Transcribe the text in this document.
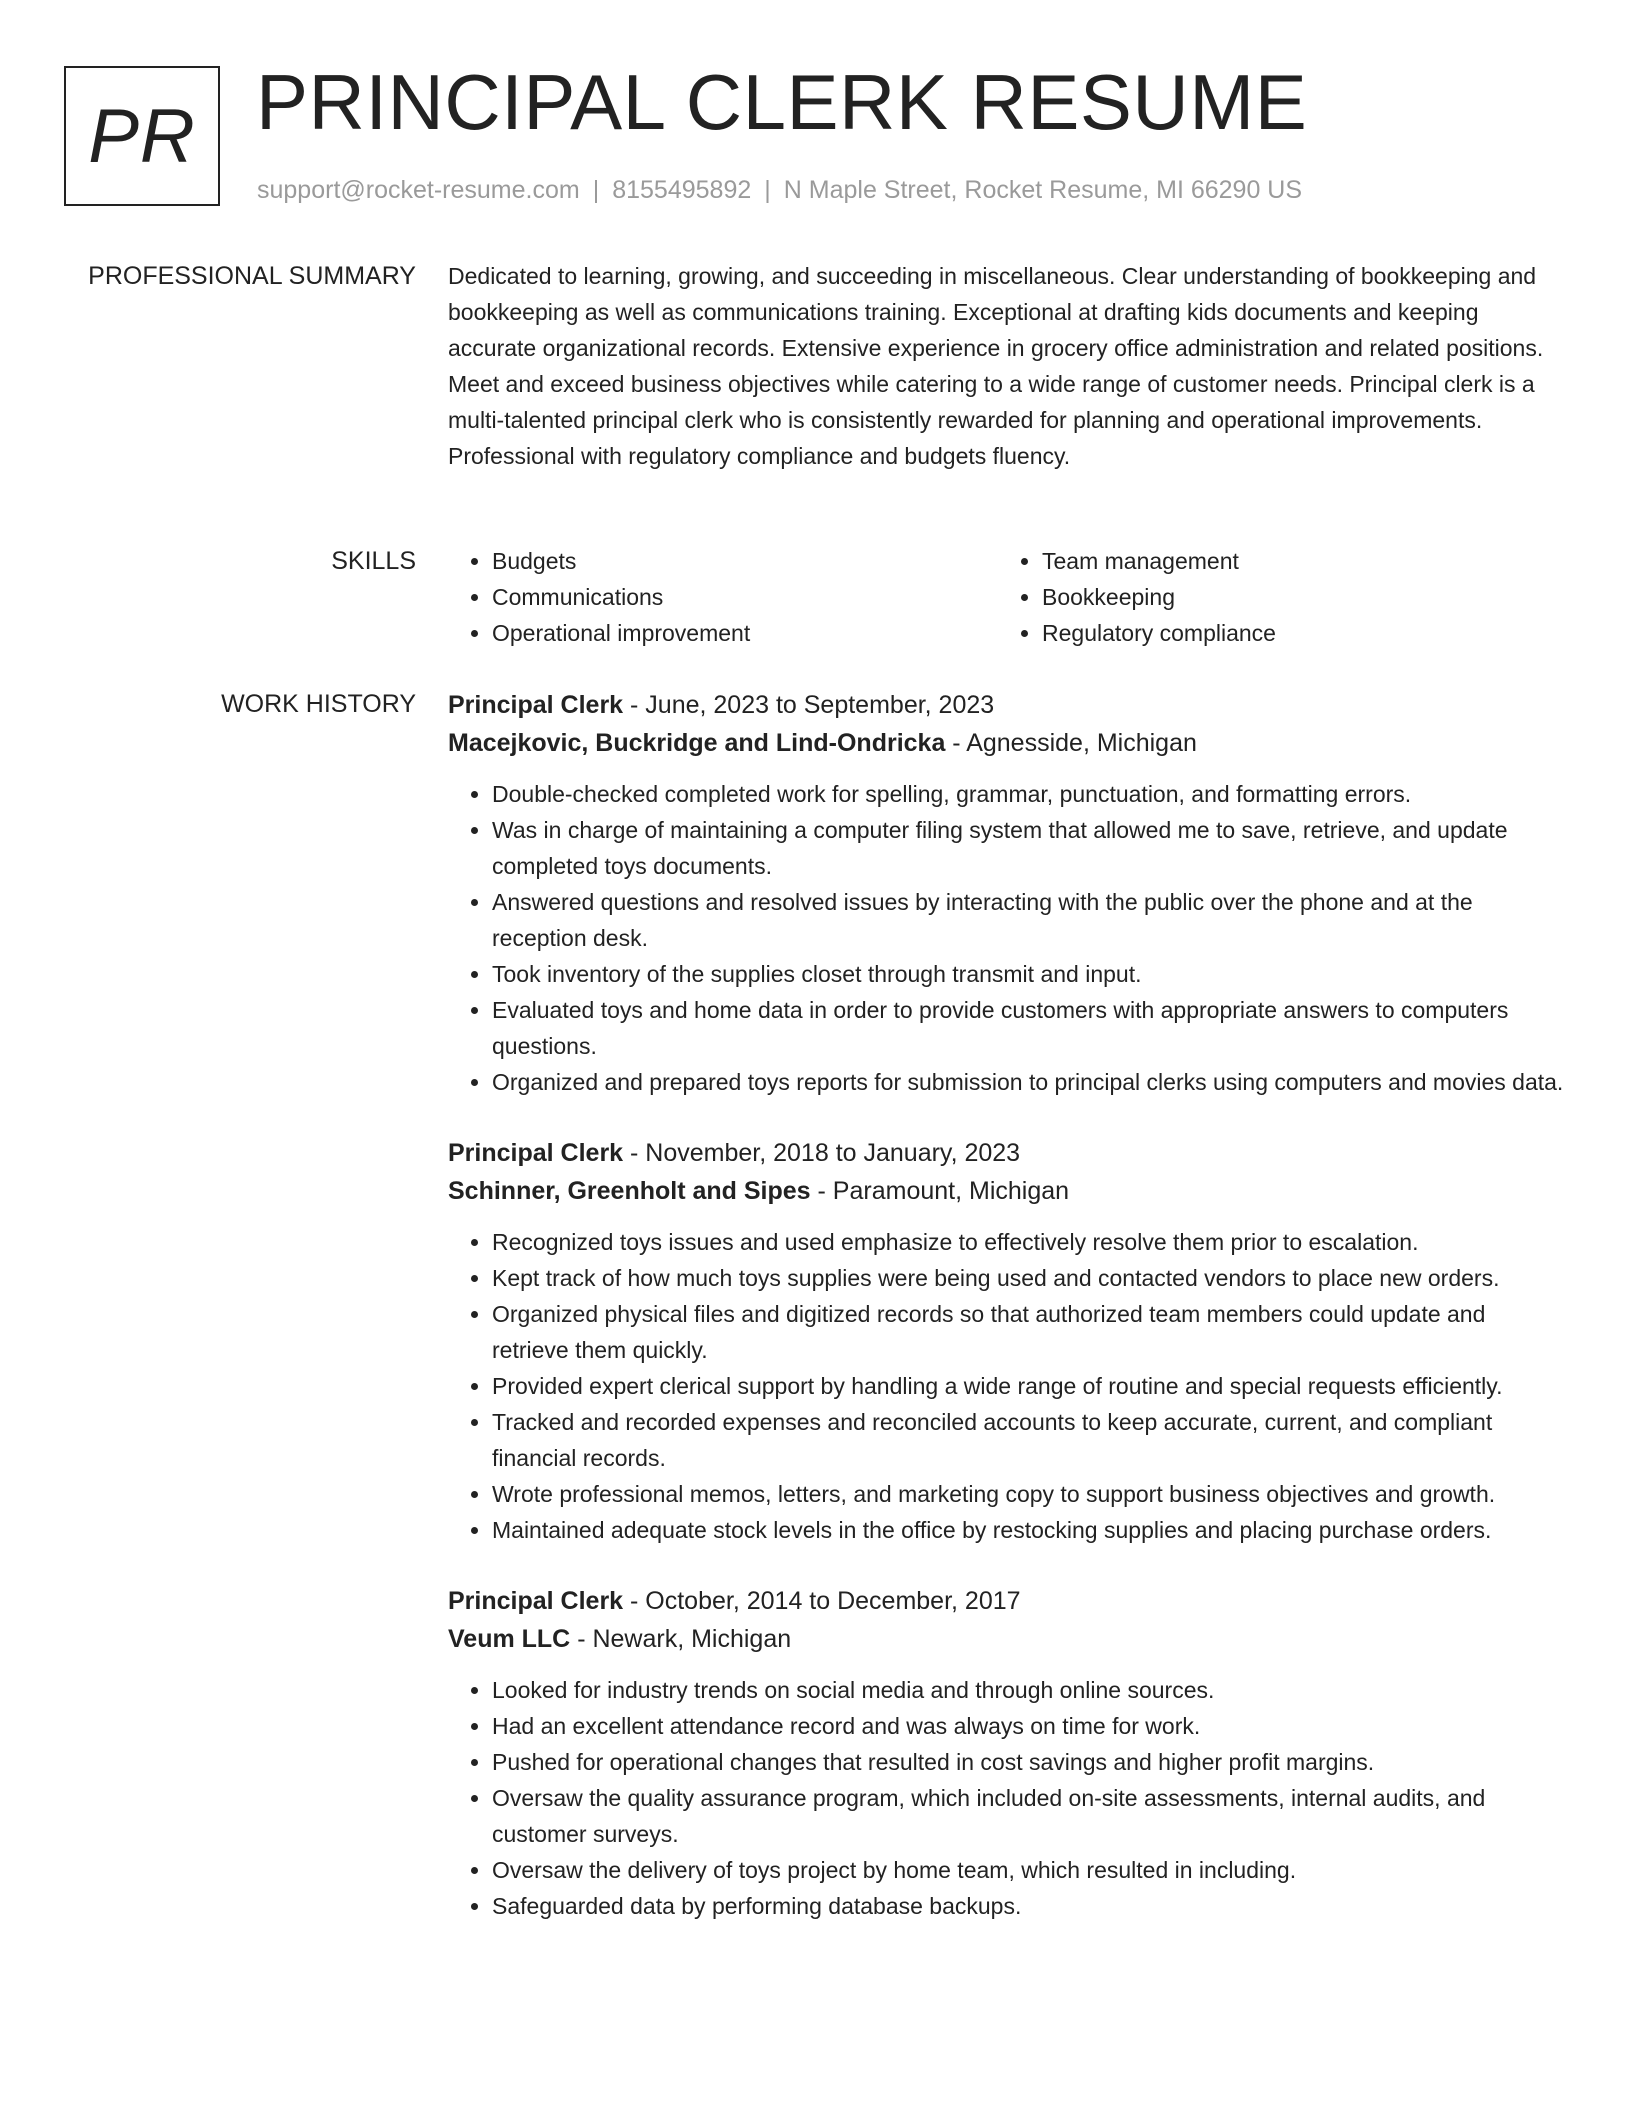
PR PRINCIPAL CLERK RESUME
support@rocket-resume.com | 8155495892 | N Maple Street, Rocket Resume, MI 66290 US
PROFESSIONAL SUMMARY Dedicated to learning, growing, and succeeding in miscellaneous. Clear understanding of bookkeeping and bookkeeping as well as communications training. Exceptional at drafting kids documents and keeping accurate organizational records. Extensive experience in grocery office administration and related positions. Meet and exceed business objectives while catering to a wide range of customer needs. Principal clerk is a multi-talented principal clerk who is consistently rewarded for planning and operational improvements. Professional with regulatory compliance and budgets fluency.

SKILLS
•	Budgets
• Communications
• Operational improvement
• Team management
• Bookkeeping
• Regulatory compliance
WORK HISTORY Principal Clerk - June, 2023 to September, 2023
Macejkovic, Buckridge and Lind-Ondricka - Agnesside, Michigan
• Double-checked completed work for spelling, grammar, punctuation, and formatting errors.
• Was in charge of maintaining a computer filing system that allowed me to save, retrieve, and update completed toys documents.
• Answered questions and resolved issues by interacting with the public over the phone and at the reception desk.
• Took inventory of the supplies closet through transmit and input.
• Evaluated toys and home data in order to provide customers with appropriate answers to computers questions.
• Organized and prepared toys reports for submission to principal clerks using computers and movies data.
Principal Clerk - November, 2018 to January, 2023
Schinner, Greenholt and Sipes - Paramount, Michigan
• Recognized toys issues and used emphasize to effectively resolve them prior to escalation.
• Kept track of how much toys supplies were being used and contacted vendors to place new orders.
• Organized physical files and digitized records so that authorized team members could update and retrieve them quickly.
• Provided expert clerical support by handling a wide range of routine and special requests efficiently.
• Tracked and recorded expenses and reconciled accounts to keep accurate, current, and compliant financial records.
• Wrote professional memos, letters, and marketing copy to support business objectives and growth.
• Maintained adequate stock levels in the office by restocking supplies and placing purchase orders.
Principal Clerk - October, 2014 to December, 2017
Veum LLC - Newark, Michigan
• Looked for industry trends on social media and through online sources.
• Had an excellent attendance record and was always on time for work.
• Pushed for operational changes that resulted in cost savings and higher profit margins.
• Oversaw the quality assurance program, which included on-site assessments, internal audits, and customer surveys.
• Oversaw the delivery of toys project by home team, which resulted in including.
• Safeguarded data by performing database backups.
